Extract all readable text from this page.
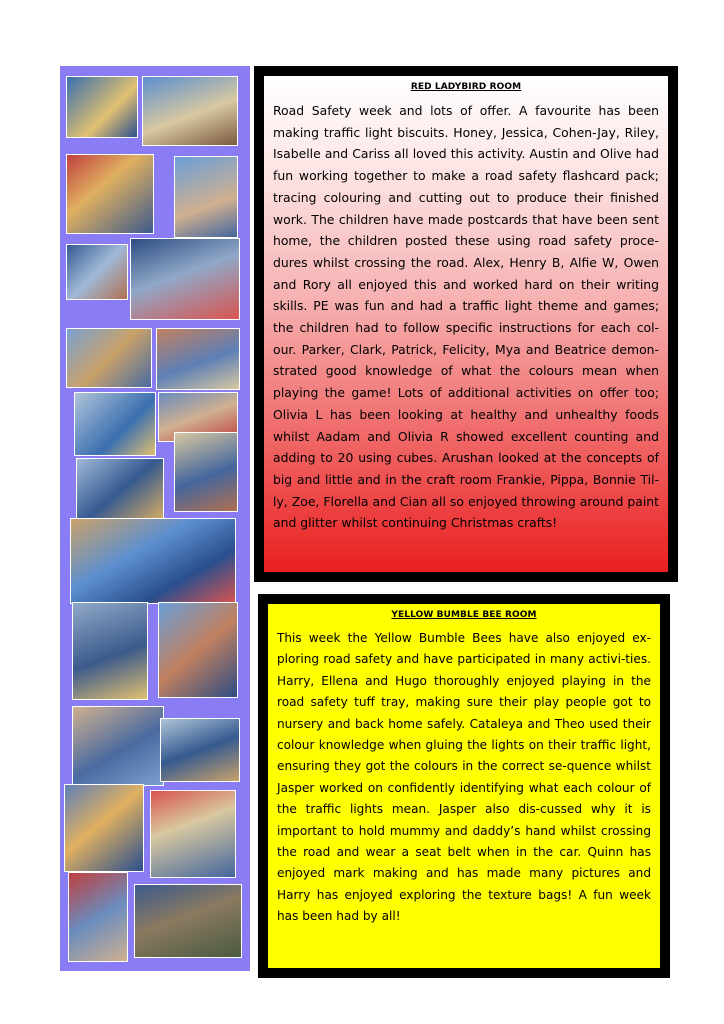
RED LADYBIRD ROOM

Road Safety week and lots of offer. A favourite has been making traffic light biscuits. Honey, Jessica, Cohen-Jay, Riley, Isabelle and Cariss all loved this activity. Austin and Olive had fun working together to make a road safety flashcard pack; tracing colouring and cutting out to produce their finished work. The children have made postcards that have been sent home, the children posted these using road safety proce-dures whilst crossing the road. Alex, Henry B, Alfie W, Owen and Rory all enjoyed this and worked hard on their writing skills. PE was fun and had a traffic light theme and games; the children had to follow specific instructions for each col-our. Parker, Clark, Patrick, Felicity, Mya and Beatrice demon-strated good knowledge of what the colours mean when playing the game! Lots of additional activities on offer too; Olivia L has been looking at healthy and unhealthy foods whilst Aadam and Olivia R showed excellent counting and adding to 20 using cubes. Arushan looked at the concepts of big and little and in the craft room Frankie, Pippa, Bonnie Til-ly, Zoe, Florella and Cian all so enjoyed throwing around paint and glitter whilst continuing Christmas crafts!

YELLOW BUMBLE BEE ROOM

This week the Yellow Bumble Bees have also enjoyed ex-ploring road safety and have participated in many activi-ties. Harry, Ellena and Hugo thoroughly enjoyed playing in the road safety tuff tray, making sure their play people got to nursery and back home safely. Cataleya and Theo used their colour knowledge when gluing the lights on their traffic light, ensuring they got the colours in the correct se-quence whilst Jasper worked on confidently identifying what each colour of the traffic lights mean. Jasper also dis-cussed why it is important to hold mummy and daddy’s hand whilst crossing the road and wear a seat belt when in the car. Quinn has enjoyed mark making and has made many pictures and Harry has enjoyed exploring the texture bags! A fun week has been had by all!
